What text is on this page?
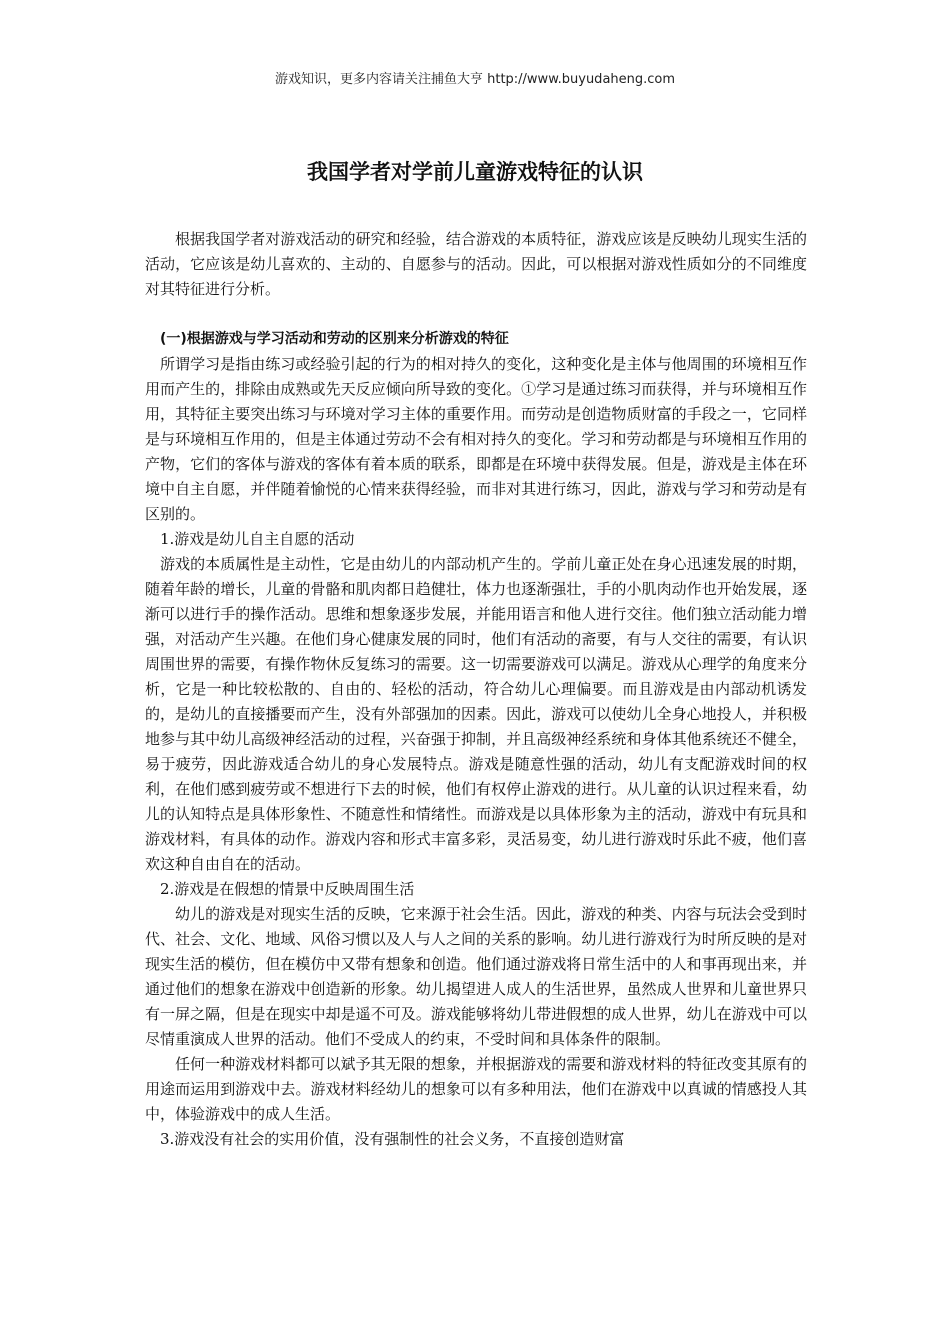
游戏知识，更多内容请关注捕鱼大亨 http://www.buyudaheng.com
我国学者对学前儿童游戏特征的认识

根据我国学者对游戏活动的研究和经验，结合游戏的本质特征，游戏应该是反映幼儿现实生活的活动，它应该是幼儿喜欢的、主动的、自愿参与的活动。因此，可以根据对游戏性质如分的不同维度对其特征进行分析。

(一)根据游戏与学习活动和劳动的区别来分析游戏的特征

所谓学习是指由练习或经验引起的行为的相对持久的变化，这种变化是主体与他周围的环境相互作用而产生的，排除由成熟或先天反应倾向所导致的变化。①学习是通过练习而获得，并与环境相互作用，其特征主要突出练习与环境对学习主体的重要作用。而劳动是创造物质财富的手段之一，它同样是与环境相互作用的，但是主体通过劳动不会有相对持久的变化。学习和劳动都是与环境相互作用的产物，它们的客体与游戏的客体有着本质的联系，即都是在环境中获得发展。但是，游戏是主体在环境中自主自愿，并伴随着愉悦的心情来获得经验，而非对其进行练习，因此，游戏与学习和劳动是有区别的。

1.游戏是幼儿自主自愿的活动

游戏的本质属性是主动性，它是由幼儿的内部动机产生的。学前儿童正处在身心迅速发展的时期，随着年龄的增长，儿童的骨骼和肌肉都日趋健壮，体力也逐渐强壮，手的小肌肉动作也开始发展，逐渐可以进行手的操作活动。思维和想象逐步发展，并能用语言和他人进行交往。他们独立活动能力增强，对活动产生兴趣。在他们身心健康发展的同时，他们有活动的斋要，有与人交往的需要，有认识周围世界的需要，有操作物休反复练习的需要。这一切需要游戏可以满足。游戏从心理学的角度来分析，它是一种比较松散的、自由的、轻松的活动，符合幼儿心理偏要。而且游戏是由内部动机诱发的，是幼儿的直接播要而产生，没有外部强加的因素。因此，游戏可以使幼儿全身心地投人，并积极地参与其中幼儿高级神经活动的过程，兴奋强于抑制，并且高级神经系统和身体其他系统还不健全，易于疲劳，因此游戏适合幼儿的身心发展特点。游戏是随意性强的活动，幼儿有支配游戏时间的权利，在他们感到疲劳或不想进行下去的时候，他们有权停止游戏的进行。从儿童的认识过程来看，幼儿的认知特点是具体形象性、不随意性和情绪性。而游戏是以具体形象为主的活动，游戏中有玩具和游戏材料，有具体的动作。游戏内容和形式丰富多彩，灵活易变，幼儿进行游戏时乐此不疲，他们喜欢这种自由自在的活动。

2.游戏是在假想的情景中反映周围生活

幼儿的游戏是对现实生活的反映，它来源于社会生活。因此，游戏的种类、内容与玩法会受到时代、社会、文化、地域、风俗习惯以及人与人之间的关系的影响。幼儿进行游戏行为时所反映的是对现实生活的模仿，但在模仿中又带有想象和创造。他们通过游戏将日常生活中的人和事再现出来，并通过他们的想象在游戏中创造新的形象。幼儿揭望进人成人的生活世界，虽然成人世界和儿童世界只有一屏之隔，但是在现实中却是遥不可及。游戏能够将幼儿带进假想的成人世界，幼儿在游戏中可以尽情重演成人世界的活动。他们不受成人的约束，不受时间和具体条件的限制。

任何一种游戏材料都可以斌予其无限的想象，并根据游戏的需要和游戏材料的特征改变其原有的用途而运用到游戏中去。游戏材料经幼儿的想象可以有多种用法，他们在游戏中以真诚的情感投人其中，体验游戏中的成人生活。

3.游戏没有社会的实用价值，没有强制性的社会义务，不直接创造财富
